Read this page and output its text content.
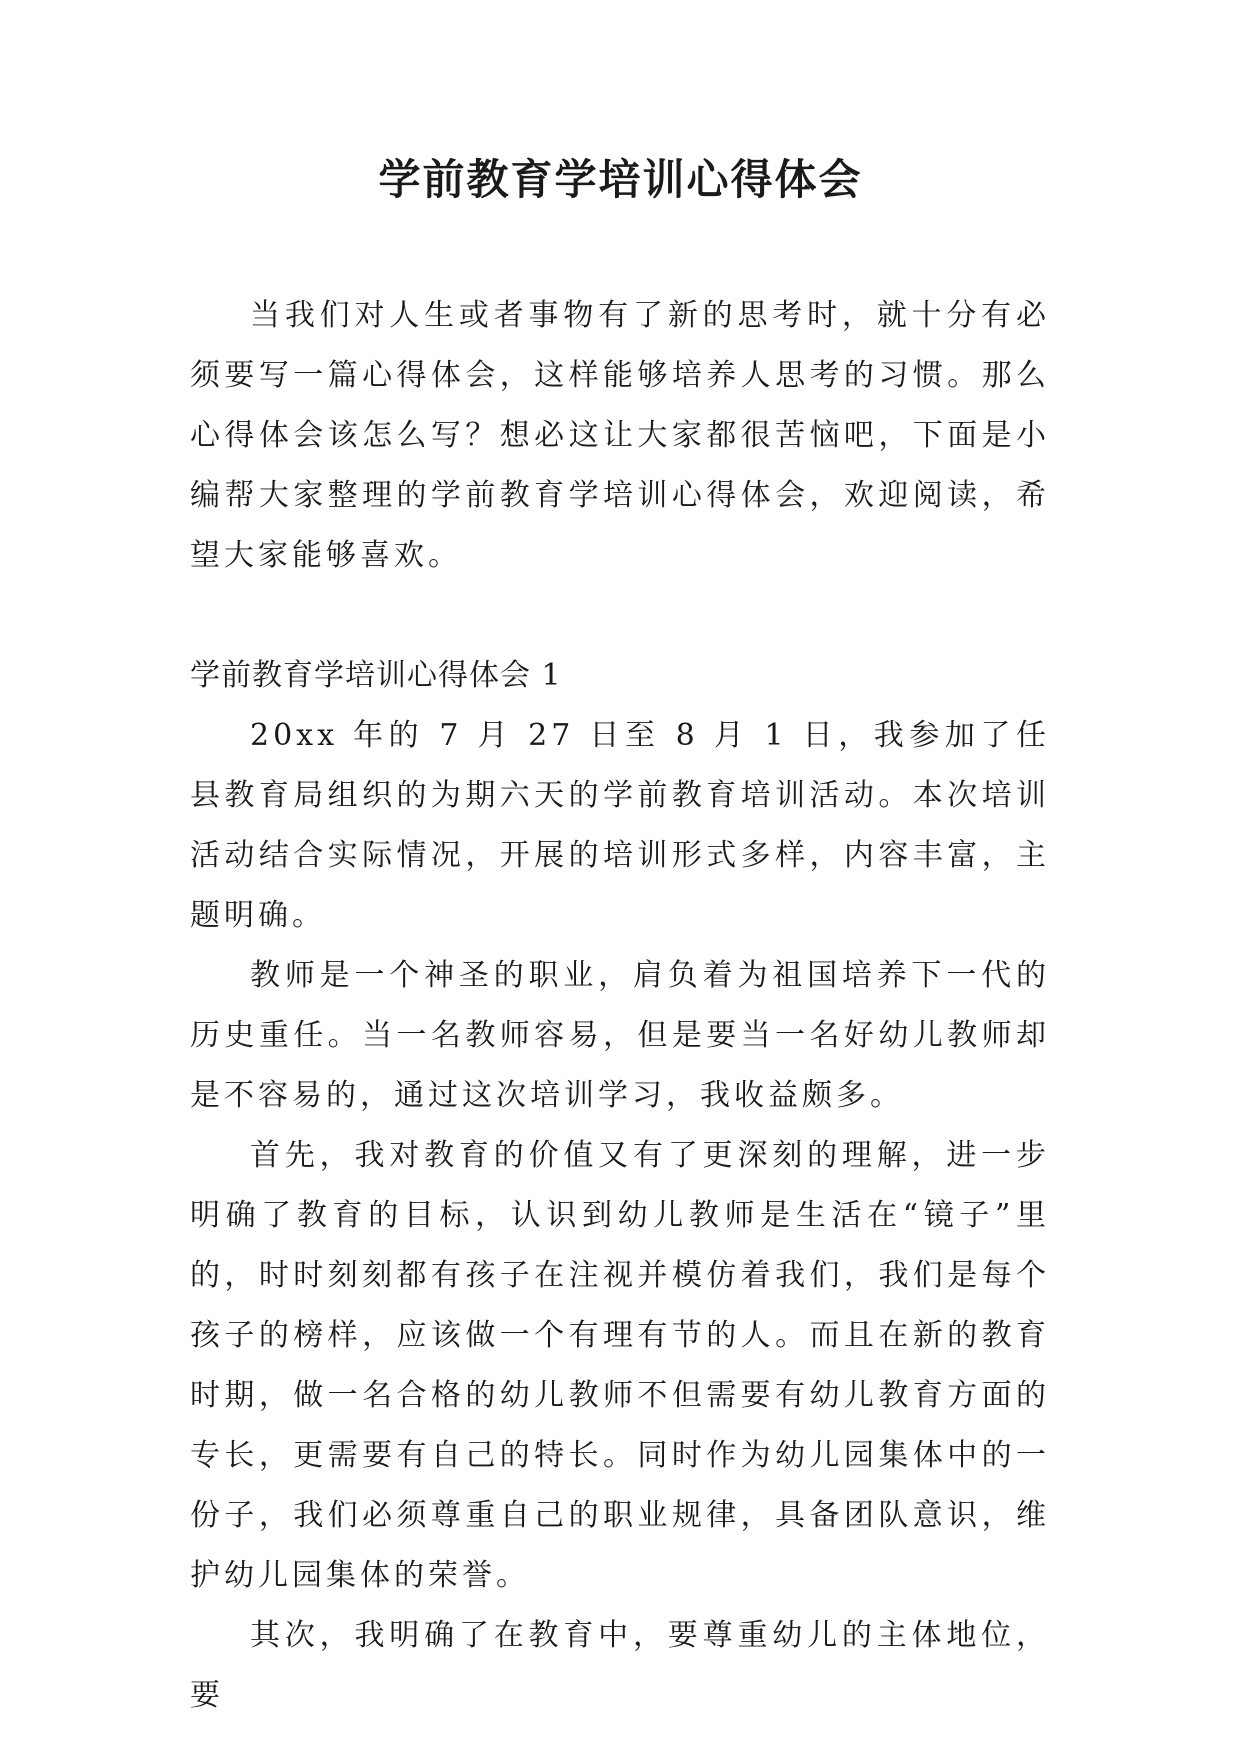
学前教育学培训心得体会

当我们对人生或者事物有了新的思考时，就十分有必须要写一篇心得体会，这样能够培养人思考的习惯。那么心得体会该怎么写？想必这让大家都很苦恼吧，下面是小编帮大家整理的学前教育学培训心得体会，欢迎阅读，希望大家能够喜欢。

学前教育学培训心得体会 1

20xx 年的 7 月 27 日至 8 月 1 日，我参加了任县教育局组织的为期六天的学前教育培训活动。本次培训活动结合实际情况，开展的培训形式多样，内容丰富，主题明确。

教师是一个神圣的职业，肩负着为祖国培养下一代的历史重任。当一名教师容易，但是要当一名好幼儿教师却是不容易的，通过这次培训学习，我收益颇多。

首先，我对教育的价值又有了更深刻的理解，进一步明确了教育的目标，认识到幼儿教师是生活在“镜子”里的，时时刻刻都有孩子在注视并模仿着我们，我们是每个孩子的榜样，应该做一个有理有节的人。而且在新的教育时期，做一名合格的幼儿教师不但需要有幼儿教育方面的专长，更需要有自己的特长。同时作为幼儿园集体中的一份子，我们必须尊重自己的职业规律，具备团队意识，维护幼儿园集体的荣誉。

其次，我明确了在教育中，要尊重幼儿的主体地位，要
